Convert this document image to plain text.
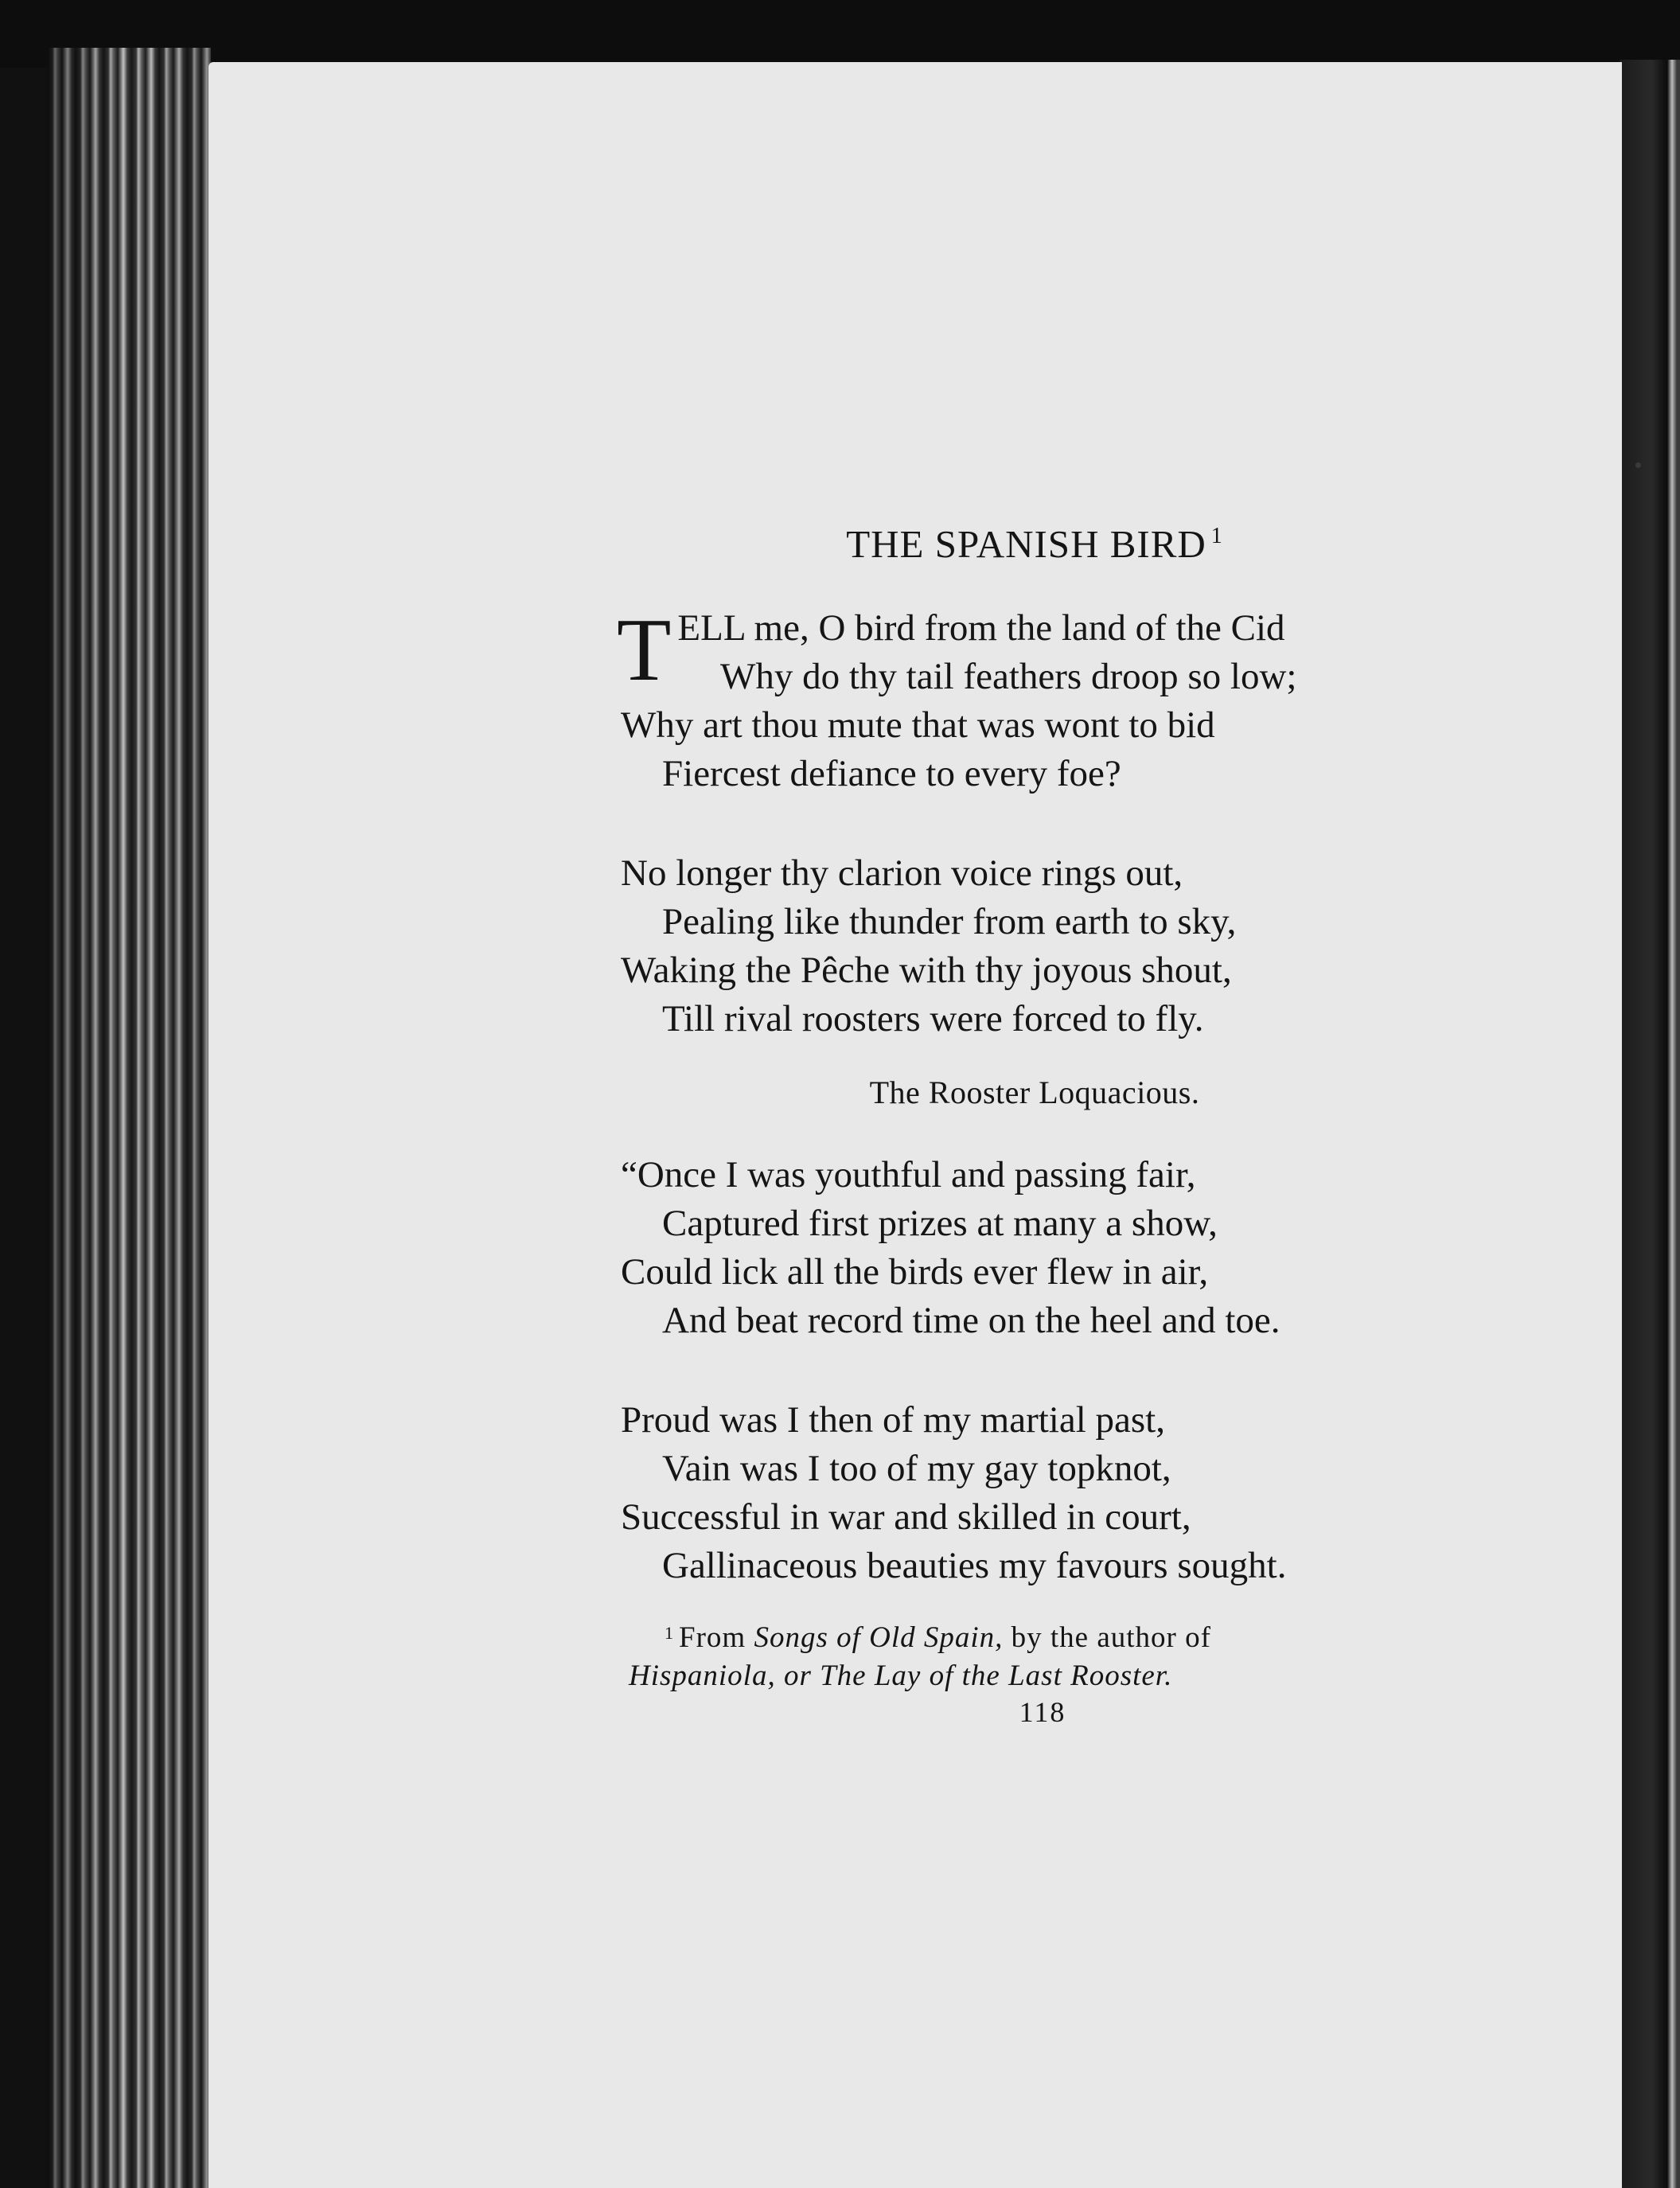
THE SPANISH BIRD $^1$
TELL me, O bird from the land of the Cid
Why do thy tail feathers droop so low;
Why art thou mute that was wont to bid
Fiercest defiance to every foe?
No longer thy clarion voice rings out,
Pealing like thunder from earth to sky,
Waking the Pêche with thy joyous shout,
Till rival roosters were forced to fly.
The Rooster Loquacious.
“Once I was youthful and passing fair,
Captured first prizes at many a show,
Could lick all the birds ever flew in air,
And beat record time on the heel and toe.
Proud was I then of my martial past,
Vain was I too of my gay topknot,
Successful in war and skilled in court,
Gallinaceous beauties my favours sought.
$^1$ From Songs of Old Spain, by the author of
Hispaniola, or The Lay of the Last Rooster.
118
